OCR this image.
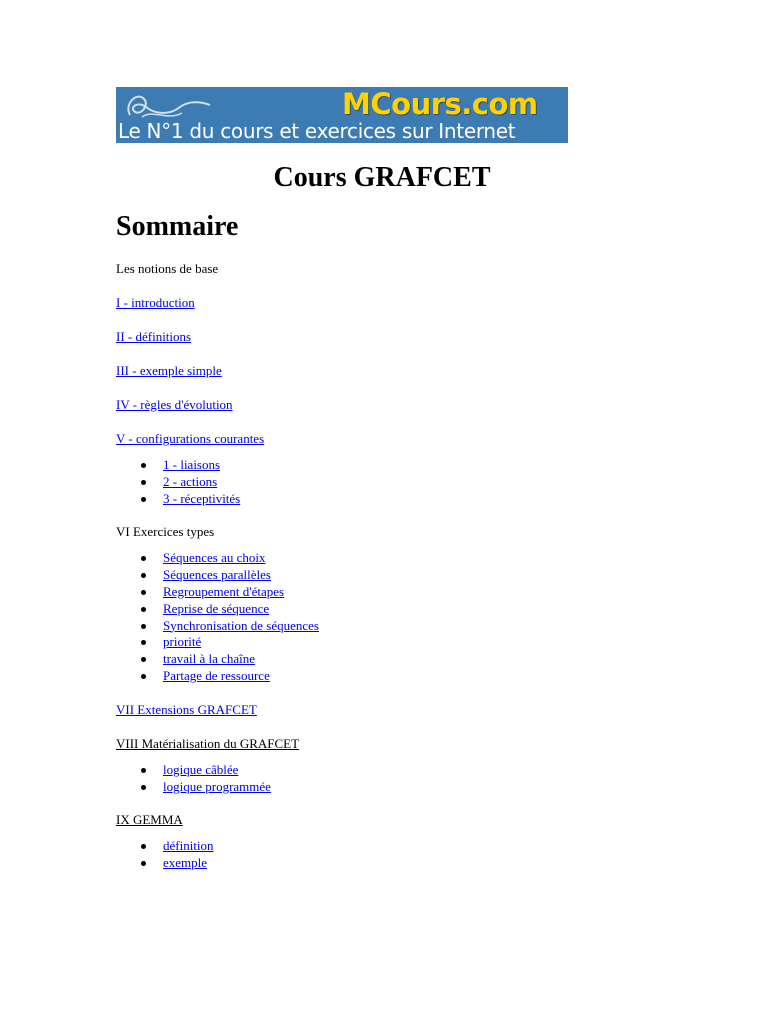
MCours.com
Le N°1 du cours et exercices sur Internet
Cours GRAFCET
Sommaire

Les notions de base

I - introduction

II - définitions

III - exemple simple

IV - règles d'évolution

V - configurations courantes

1 - liaisons
2 - actions
3 - réceptivités

VI Exercices types

Séquences au choix
Séquences parallèles
Regroupement d'étapes
Reprise de séquence
Synchronisation de séquences
priorité
travail à la chaîne
Partage de ressource

VII Extensions GRAFCET

VIII Matérialisation du GRAFCET

logique câblée
logique programmée

IX GEMMA

définition
exemple
